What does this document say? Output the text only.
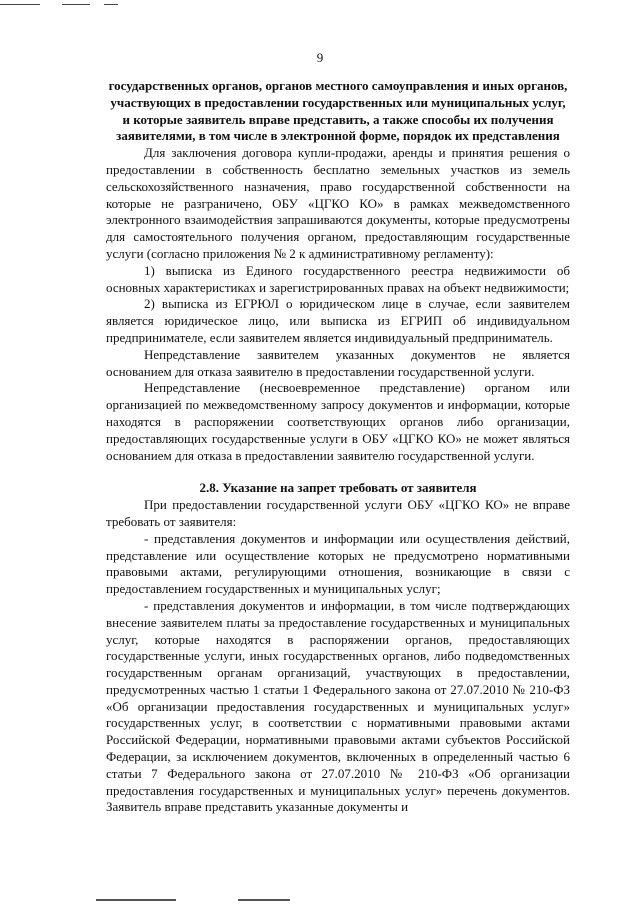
9

государственных органов, органов местного самоуправления и иных органов, участвующих в предоставлении государственных или муниципальных услуг, и которые заявитель вправе представить, а также способы их получения заявителями, в том числе в электронной форме, порядок их представления

Для заключения договора купли-продажи, аренды и принятия решения о предоставлении в собственность бесплатно земельных участков из земель сельскохозяйственного назначения, право государственной собственности на которые не разграничено, ОБУ «ЦГКО КО» в рамках межведомственного электронного взаимодействия запрашиваются документы, которые предусмотрены для самостоятельного получения органом, предоставляющим государственные услуги (согласно приложения № 2 к административному регламенту):

1) выписка из Единого государственного реестра недвижимости об основных характеристиках и зарегистрированных правах на объект недвижимости;

2) выписка из ЕГРЮЛ о юридическом лице в случае, если заявителем является юридическое лицо, или выписка из ЕГРИП об индивидуальном предпринимателе, если заявителем является индивидуальный предприниматель.

Непредставление заявителем указанных документов не является основанием для отказа заявителю в предоставлении государственной услуги.

Непредставление (несвоевременное представление) органом или организацией по межведомственному запросу документов и информации, которые находятся в распоряжении соответствующих органов либо организации, предоставляющих государственные услуги в ОБУ «ЦГКО КО» не может являться основанием для отказа в предоставлении заявителю государственной услуги.

2.8. Указание на запрет требовать от заявителя

При предоставлении государственной услуги ОБУ «ЦГКО КО» не вправе требовать от заявителя:

- представления документов и информации или осуществления действий, представление или осуществление которых не предусмотрено нормативными правовыми актами, регулирующими отношения, возникающие в связи с предоставлением государственных и муниципальных услуг;

- представления документов и информации, в том числе подтверждающих внесение заявителем платы за предоставление государственных и муниципальных услуг, которые находятся в распоряжении органов, предоставляющих государственные услуги, иных государственных органов, либо подведомственных государственным органам организаций, участвующих в предоставлении, предусмотренных частью 1 статьи 1 Федерального закона от 27.07.2010 № 210-ФЗ «Об организации предоставления государственных и муниципальных услуг» государственных услуг, в соответствии с нормативными правовыми актами Российской Федерации, нормативными правовыми актами субъектов Российской Федерации, за исключением документов, включенных в определенный частью 6 статьи 7 Федерального закона от 27.07.2010 № 210-ФЗ «Об организации предоставления государственных и муниципальных услуг» перечень документов. Заявитель вправе представить указанные документы и
